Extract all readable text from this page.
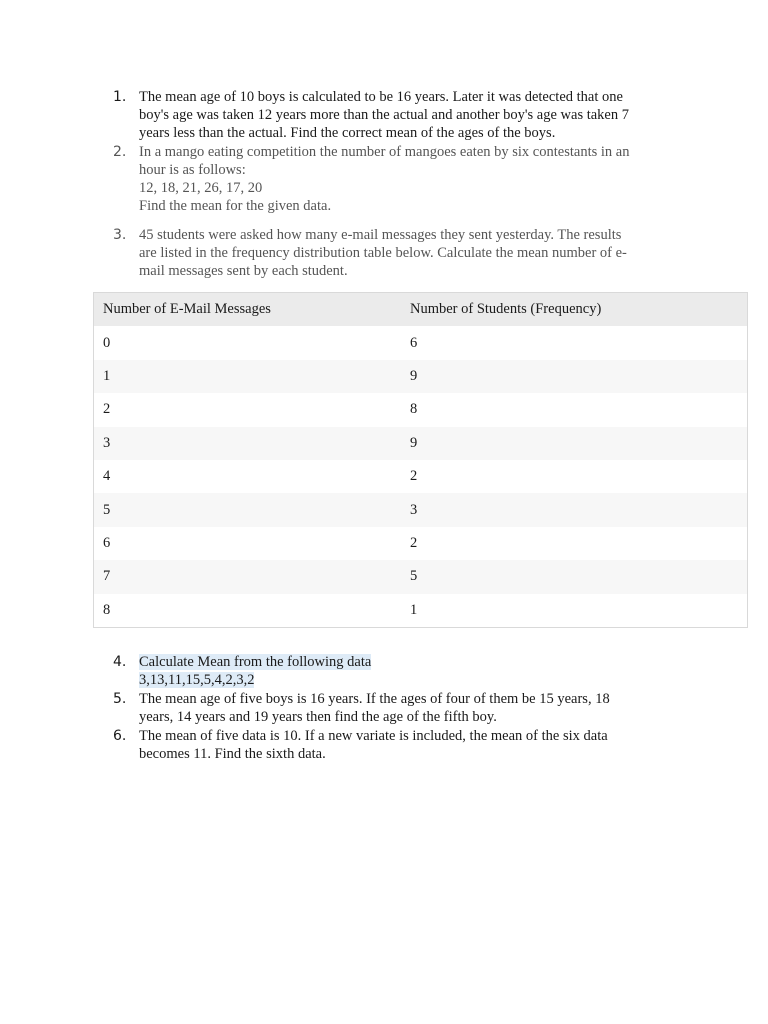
1. The mean age of 10 boys is calculated to be 16 years. Later it was detected that one
boy's age was taken 12 years more than the actual and another boy's age was taken 7
years less than the actual. Find the correct mean of the ages of the boys.
2. In a mango eating competition the number of mangoes eaten by six contestants in an
hour is as follows:
12, 18, 21, 26, 17, 20
Find the mean for the given data.
3. 45 students were asked how many e-mail messages they sent yesterday. The results
are listed in the frequency distribution table below. Calculate the mean number of e-
mail messages sent by each student.
Number of E-Mail Messages	Number of Students (Frequency)
0	6
1	9
2	8
3	9
4	2
5	3
6	2
7	5
8	1
4. Calculate Mean from the following data
3,13,11,15,5,4,2,3,2
5. The mean age of five boys is 16 years. If the ages of four of them be 15 years, 18
years, 14 years and 19 years then find the age of the fifth boy.
6. The mean of five data is 10. If a new variate is included, the mean of the six data
becomes 11. Find the sixth data.
